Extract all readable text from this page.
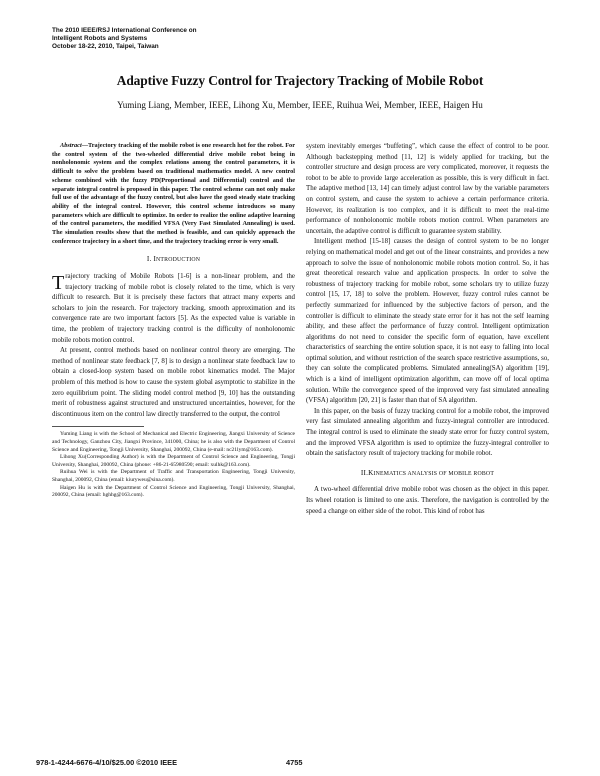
The 2010 IEEE/RSJ International Conference on
Intelligent Robots and Systems
October 18-22, 2010, Taipei, Taiwan
Adaptive Fuzzy Control for Trajectory Tracking of Mobile Robot
Yuming Liang, Member, IEEE, Lihong Xu, Member, IEEE, Ruihua Wei, Member, IEEE, Haigen Hu

Abstract—Trajectory tracking of the mobile robot is one research hot for the robot. For the control system of the two-wheeled differential drive mobile robot being in nonholonomic system and the complex relations among the control parameters, it is difficult to solve the problem based on traditional mathematics model. A new control scheme combined with the fuzzy PD(Proportional and Differential) control and the separate integral control is proposed in this paper. The control scheme can not only make full use of the advantage of the fuzzy control, but also have the good steady state tracking ability of the integral control. However, this control scheme introduces so many parameters which are difficult to optimize. In order to realize the online adaptive learning of the control parameters, the modified VFSA (Very Fast Simulated Annealing) is used. The simulation results show that the method is feasible, and can quickly approach the conference trajectory in a short time, and the trajectory tracking error is very small.

I. INTRODUCTION

Trajectory tracking of Mobile Robots [1-6] is a non-linear problem, and the trajectory tracking of mobile robot is closely related to the time, which is very difficult to research. But it is precisely these factors that attract many experts and scholars to join the research. For trajectory tracking, smooth approximation and its convergence rate are two important factors [5]. As the expected value is variable in time, the problem of trajectory tracking control is the difficulty of nonholonomic mobile robots motion control.

At present, control methods based on nonlinear control theory are emerging. The method of nonlinear state feedback [7, 8] is to design a nonlinear state feedback law to obtain a closed-loop system based on mobile robot kinematics model. The Major problem of this method is how to cause the system global asymptotic to stabilize in the zero equilibrium point. The sliding model control method [9, 10] has the outstanding merit of robustness against structured and unstructured uncertainties, however, for the discontinuous item on the control law directly transferred to the output, the control

Yuming Liang is with the School of Mechanical and Electric Engineering, Jiangxi University of Science and Technology, Ganzhou City, Jiangxi Province, 341000, China; he is also with the Department of Control Science and Engineering, Tongji University, Shanghai, 200092, China (e-mail: nc21lym@163.com).

Lihong Xu(Corresponding Author) is with the Department of Control Science and Engineering, Tongji University, Shanghai, 200092, China (phone: +86-21-65980590; email: xulhk@163.com).

Ruihua Wei is with the Department of Traffic and Transportation Engineering, Tongji University, Shanghai, 200092, China (email: kiuryweu@sina.com).

Haigen Hu is with the Department of Control Science and Engineering, Tongji University, Shanghai, 200092, China (email: hghhg@163.com).

system inevitably emerges “buffeting”, which cause the effect of control to be poor. Although backstepping method [11, 12] is widely applied for tracking, but the controller structure and design process are very complicated, moreover, it requests the robot to be able to provide large acceleration as possible, this is very difficult in fact. The adaptive method [13, 14] can timely adjust control law by the variable parameters on control system, and cause the system to achieve a certain performance criteria. However, its realization is too complex, and it is difficult to meet the real-time performance of nonholonomic mobile robots motion control. When parameters are uncertain, the adaptive control is difficult to guarantee system stability.

Intelligent method [15-18] causes the design of control system to be no longer relying on mathematical model and get out of the linear constraints, and provides a new approach to solve the issue of nonholonomic mobile robots motion control. So, it has great theoretical research value and application prospects. In order to solve the robustness of trajectory tracking for mobile robot, some scholars try to utilize fuzzy control [15, 17, 18] to solve the problem. However, fuzzy control rules cannot be perfectly summarized for influenced by the subjective factors of person, and the controller is difficult to eliminate the steady state error for it has not the self learning ability, and these affect the performance of fuzzy control. Intelligent optimization algorithms do not need to consider the specific form of equation, have excellent characteristics of searching the entire solution space, it is not easy to falling into local optimal solution, and without restriction of the search space restrictive assumptions, so, they can solute the complicated problems. Simulated annealing(SA) algorithm [19], which is a kind of intelligent optimization algorithm, can move off of local optima solution. While the convergence speed of the improved very fast simulated annealing (VFSA) algorithm [20, 21] is faster than that of SA algorithm.

In this paper, on the basis of fuzzy tracking control for a mobile robot, the improved very fast simulated annealing algorithm and fuzzy-integral controller are introduced. The integral control is used to eliminate the steady state error for fuzzy control system, and the improved VFSA algorithm is used to optimize the fuzzy-integral controller to obtain the satisfactory result of trajectory tracking for mobile robot.

II.KINEMATICS ANALYSIS OF MOBILE ROBOT

A two-wheel differential drive mobile robot was chosen as the object in this paper. Its wheel rotation is limited to one axis. Therefore, the navigation is controlled by the speed a change on either side of the robot. This kind of robot has

978-1-4244-6676-4/10/$25.00 ©2010 IEEE	4755
